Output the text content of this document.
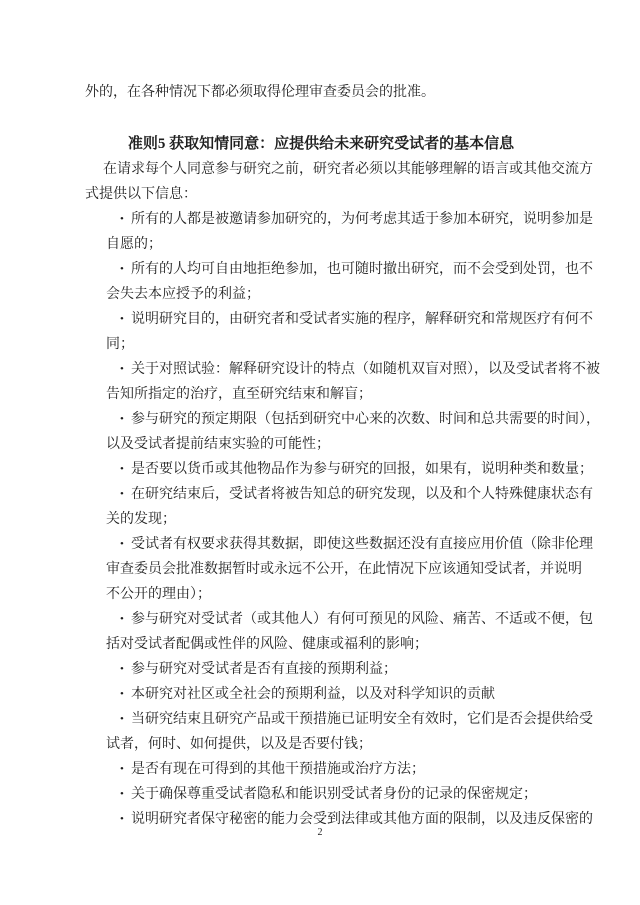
外的，在各种情况下都必须取得伦理审查委员会的批准。
准则5 获取知情同意：应提供给未来研究受试者的基本信息
在请求每个人同意参与研究之前，研究者必须以其能够理解的语言或其他交流方
式提供以下信息：
• 所有的人都是被邀请参加研究的，为何考虑其适于参加本研究，说明参加是
自愿的；
• 所有的人均可自由地拒绝参加，也可随时撤出研究，而不会受到处罚，也不
会失去本应授予的利益；
• 说明研究目的，由研究者和受试者实施的程序，解释研究和常规医疗有何不
同；
• 关于对照试验：解释研究设计的特点（如随机双盲对照），以及受试者将不被
告知所指定的治疗，直至研究结束和解盲；
• 参与研究的预定期限（包括到研究中心来的次数、时间和总共需要的时间），
以及受试者提前结束实验的可能性；
• 是否要以货币或其他物品作为参与研究的回报，如果有，说明种类和数量；
• 在研究结束后，受试者将被告知总的研究发现，以及和个人特殊健康状态有
关的发现；
• 受试者有权要求获得其数据，即使这些数据还没有直接应用价值（除非伦理
审查委员会批准数据暂时或永远不公开，在此情况下应该通知受试者，并说明
不公开的理由）；
• 参与研究对受试者（或其他人）有何可预见的风险、痛苦、不适或不便，包
括对受试者配偶或性伴的风险、健康或福利的影响；
• 参与研究对受试者是否有直接的预期利益；
• 本研究对社区或全社会的预期利益，以及对科学知识的贡献
• 当研究结束且研究产品或干预措施已证明安全有效时，它们是否会提供给受
试者，何时、如何提供，以及是否要付钱；
• 是否有现在可得到的其他干预措施或治疗方法；
• 关于确保尊重受试者隐私和能识别受试者身份的记录的保密规定；
• 说明研究者保守秘密的能力会受到法律或其他方面的限制，以及违反保密的
2
